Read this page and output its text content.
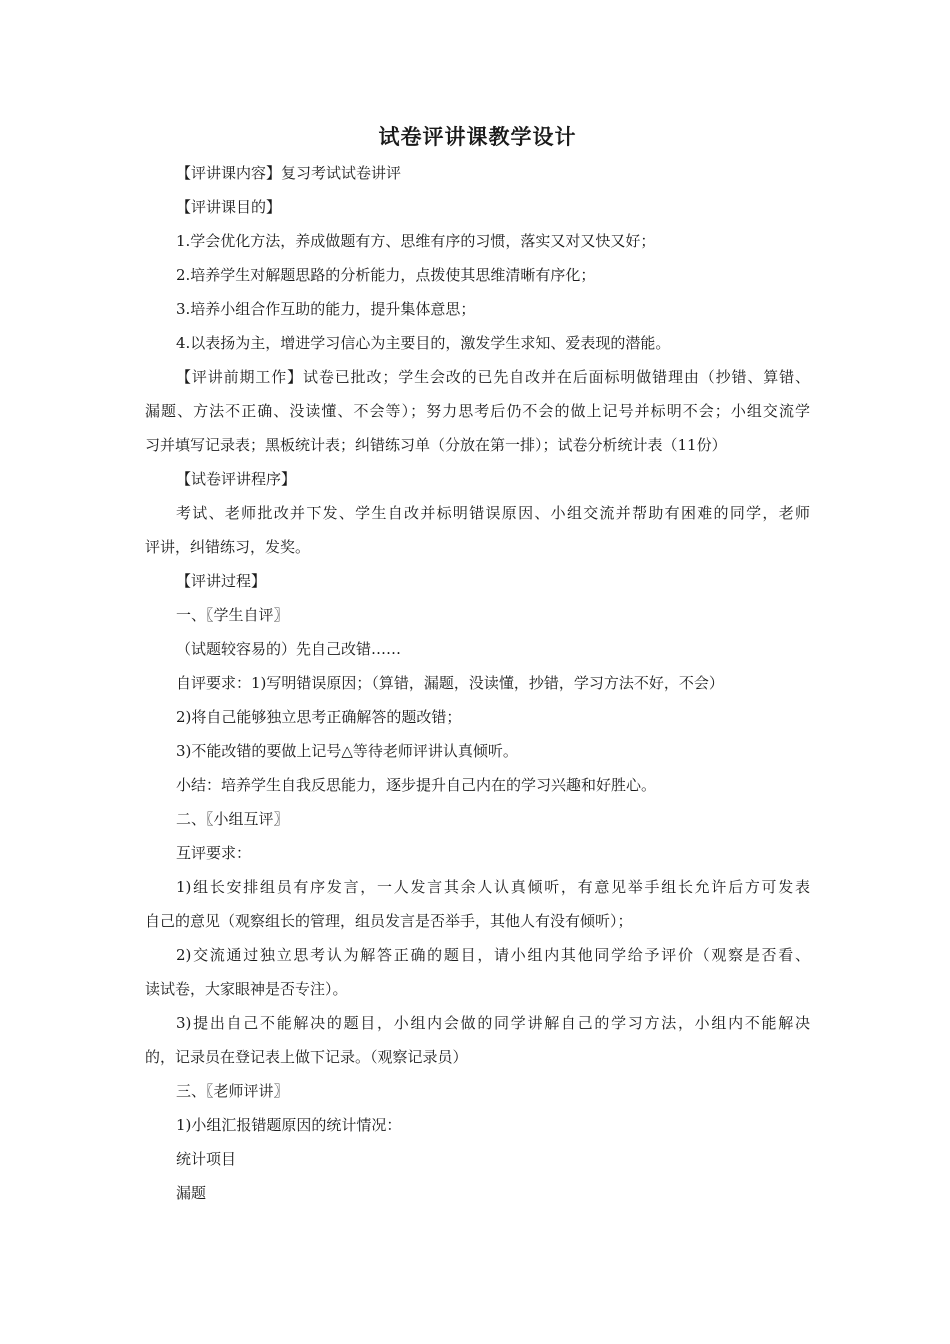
试卷评讲课教学设计
【评讲课内容】复习考试试卷讲评
【评讲课目的】
1.学会优化方法，养成做题有方、思维有序的习惯，落实又对又快又好；
2.培养学生对解题思路的分析能力，点拨使其思维清晰有序化；
3.培养小组合作互助的能力，提升集体意思；
4.以表扬为主，增进学习信心为主要目的，激发学生求知、爱表现的潜能。
【评讲前期工作】试卷已批改；学生会改的已先自改并在后面标明做错理由（抄错、算错、
漏题、方法不正确、没读懂、不会等）；努力思考后仍不会的做上记号并标明不会；小组交流学
习并填写记录表；黑板统计表；纠错练习单（分放在第一排）；试卷分析统计表（11份）
【试卷评讲程序】
考试、老师批改并下发、学生自改并标明错误原因、小组交流并帮助有困难的同学，老师
评讲，纠错练习，发奖。
【评讲过程】
一、〖学生自评〗
（试题较容易的）先自己改错……
自评要求：1)写明错误原因；（算错，漏题，没读懂，抄错，学习方法不好，不会）
2)将自己能够独立思考正确解答的题改错；
3)不能改错的要做上记号△等待老师评讲认真倾听。
小结：培养学生自我反思能力，逐步提升自己内在的学习兴趣和好胜心。
二、〖小组互评〗
互评要求：
1)组长安排组员有序发言，一人发言其余人认真倾听，有意见举手组长允许后方可发表
自己的意见（观察组长的管理，组员发言是否举手，其他人有没有倾听）；
2)交流通过独立思考认为解答正确的题目，请小组内其他同学给予评价（观察是否看、
读试卷，大家眼神是否专注）。
3)提出自己不能解决的题目，小组内会做的同学讲解自己的学习方法，小组内不能解决
的，记录员在登记表上做下记录。（观察记录员）
三、〖老师评讲〗
1)小组汇报错题原因的统计情况：
统计项目
漏题
